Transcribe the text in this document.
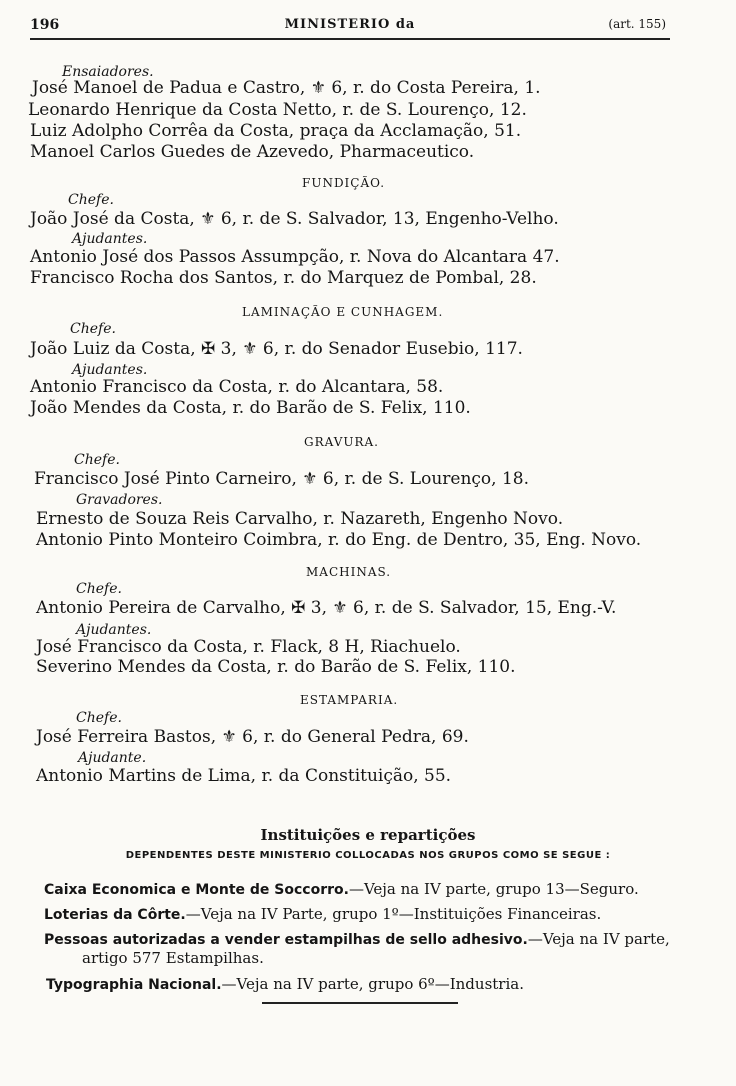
196	MINISTERIO da	(art. 155)
Ensaiadores.
José Manoel de Padua e Castro, ⚜ 6, r. do Costa Pereira, 1.
Leonardo Henrique da Costa Netto, r. de S. Lourenço, 12.
Luiz Adolpho Corrêa da Costa, praça da Acclamação, 51.
Manoel Carlos Guedes de Azevedo, Pharmaceutico.
FUNDIÇÃO.
Chefe.
João José da Costa, ⚜ 6, r. de S. Salvador, 13, Engenho-Velho.
Ajudantes.
Antonio José dos Passos Assumpção, r. Nova do Alcantara 47.
Francisco Rocha dos Santos, r. do Marquez de Pombal, 28.
LAMINAÇÃO E CUNHAGEM.
Chefe.
João Luiz da Costa, ✠ 3, ⚜ 6, r. do Senador Eusebio, 117.
Ajudantes.
Antonio Francisco da Costa, r. do Alcantara, 58.
João Mendes da Costa, r. do Barão de S. Felix, 110.
GRAVURA.
Chefe.
Francisco José Pinto Carneiro, ⚜ 6, r. de S. Lourenço, 18.
Gravadores.
Ernesto de Souza Reis Carvalho, r. Nazareth, Engenho Novo.
Antonio Pinto Monteiro Coimbra, r. do Eng. de Dentro, 35, Eng. Novo.
MACHINAS.
Chefe.
Antonio Pereira de Carvalho, ✠ 3, ⚜ 6, r. de S. Salvador, 15, Eng.-V.
Ajudantes.
José Francisco da Costa, r. Flack, 8 H, Riachuelo.
Severino Mendes da Costa, r. do Barão de S. Felix, 110.
ESTAMPARIA.
Chefe.
José Ferreira Bastos, ⚜ 6, r. do General Pedra, 69.
Ajudante.
Antonio Martins de Lima, r. da Constituição, 55.
Instituições e repartições
DEPENDENTES DESTE MINISTERIO COLLOCADAS NOS GRUPOS COMO SE SEGUE :
Caixa Economica e Monte de Soccorro.—Veja na IV parte, grupo 13—Seguro.
Loterias da Côrte.—Veja na IV Parte, grupo 1º—Instituições Financeiras.
Pessoas autorizadas a vender estampilhas de sello adhesivo.—Veja na IV parte,
artigo 577 Estampilhas.
Typographia Nacional.—Veja na IV parte, grupo 6º—Industria.
